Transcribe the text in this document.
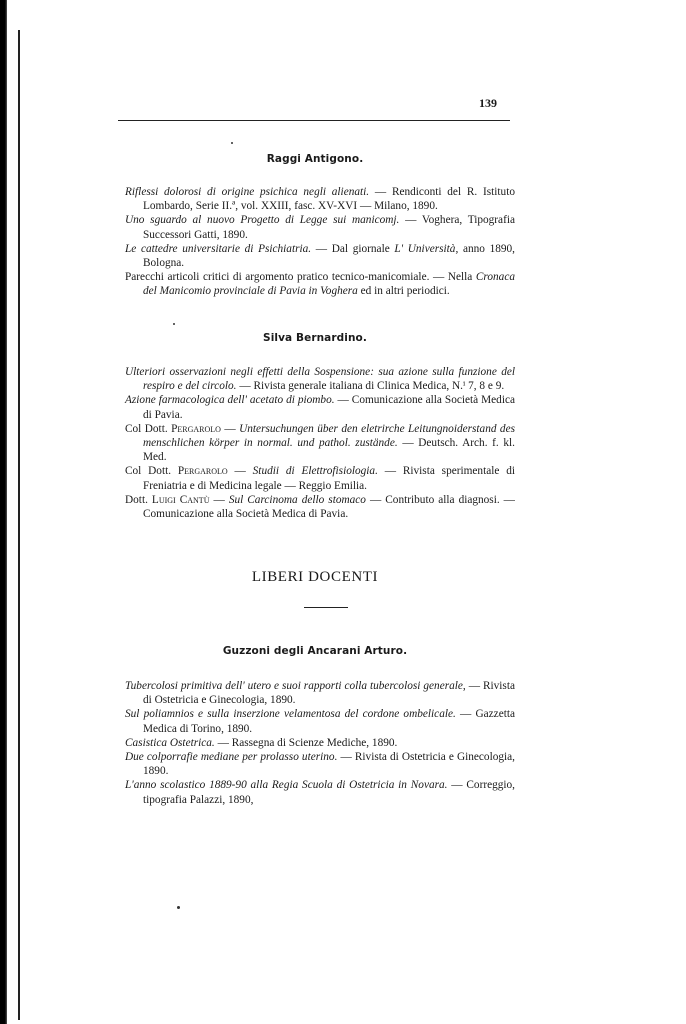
139
Raggi Antigono.

Riflessi dolorosi di origine psichica negli alienati. — Rendiconti del R. Istituto Lombardo, Serie II.ª, vol. XXIII, fasc. XV-XVI — Milano, 1890.

Uno sguardo al nuovo Progetto di Legge sui manicomj. — Voghera, Tipografia Successori Gatti, 1890.

Le cattedre universitarie di Psichiatria. — Dal giornale L' Università, anno 1890, Bologna.

Parecchi articoli critici di argomento pratico tecnico-manicomiale. — Nella Cronaca del Manicomio provinciale di Pavia in Voghera ed in altri periodici.

Silva Bernardino.

Ulteriori osservazioni negli effetti della Sospensione: sua azione sulla funzione del respiro e del circolo. — Rivista generale italiana di Clinica Medica, N.ⁱ 7, 8 e 9.

Azione farmacologica dell' acetato di piombo. — Comunicazione alla Società Medica di Pavia.

Col Dott. Pergarolo — Untersuchungen über den eletrirche Leitungnoiderstand des menschlichen körper in normal. und pathol. zustände. — Deutsch. Arch. f. kl. Med.

Col Dott. Pergarolo — Studii di Elettrofisiologia. — Rivista sperimentale di Freniatria e di Medicina legale — Reggio Emilia.

Dott. Luigi Cantù — Sul Carcinoma dello stomaco — Contributo alla diagnosi. — Comunicazione alla Società Medica di Pavia.

LIBERI DOCENTI
Guzzoni degli Ancarani Arturo.

Tubercolosi primitiva dell' utero e suoi rapporti colla tubercolosi generale, — Rivista di Ostetricia e Ginecologia, 1890.

Sul poliamnios e sulla inserzione velamentosa del cordone ombelicale. — Gazzetta Medica di Torino, 1890.

Casistica Ostetrica. — Rassegna di Scienze Mediche, 1890.

Due colporrafie mediane per prolasso uterino. — Rivista di Ostetricia e Ginecologia, 1890.

L'anno scolastico 1889-90 alla Regia Scuola di Ostetricia in Novara. — Correggio, tipografia Palazzi, 1890,
